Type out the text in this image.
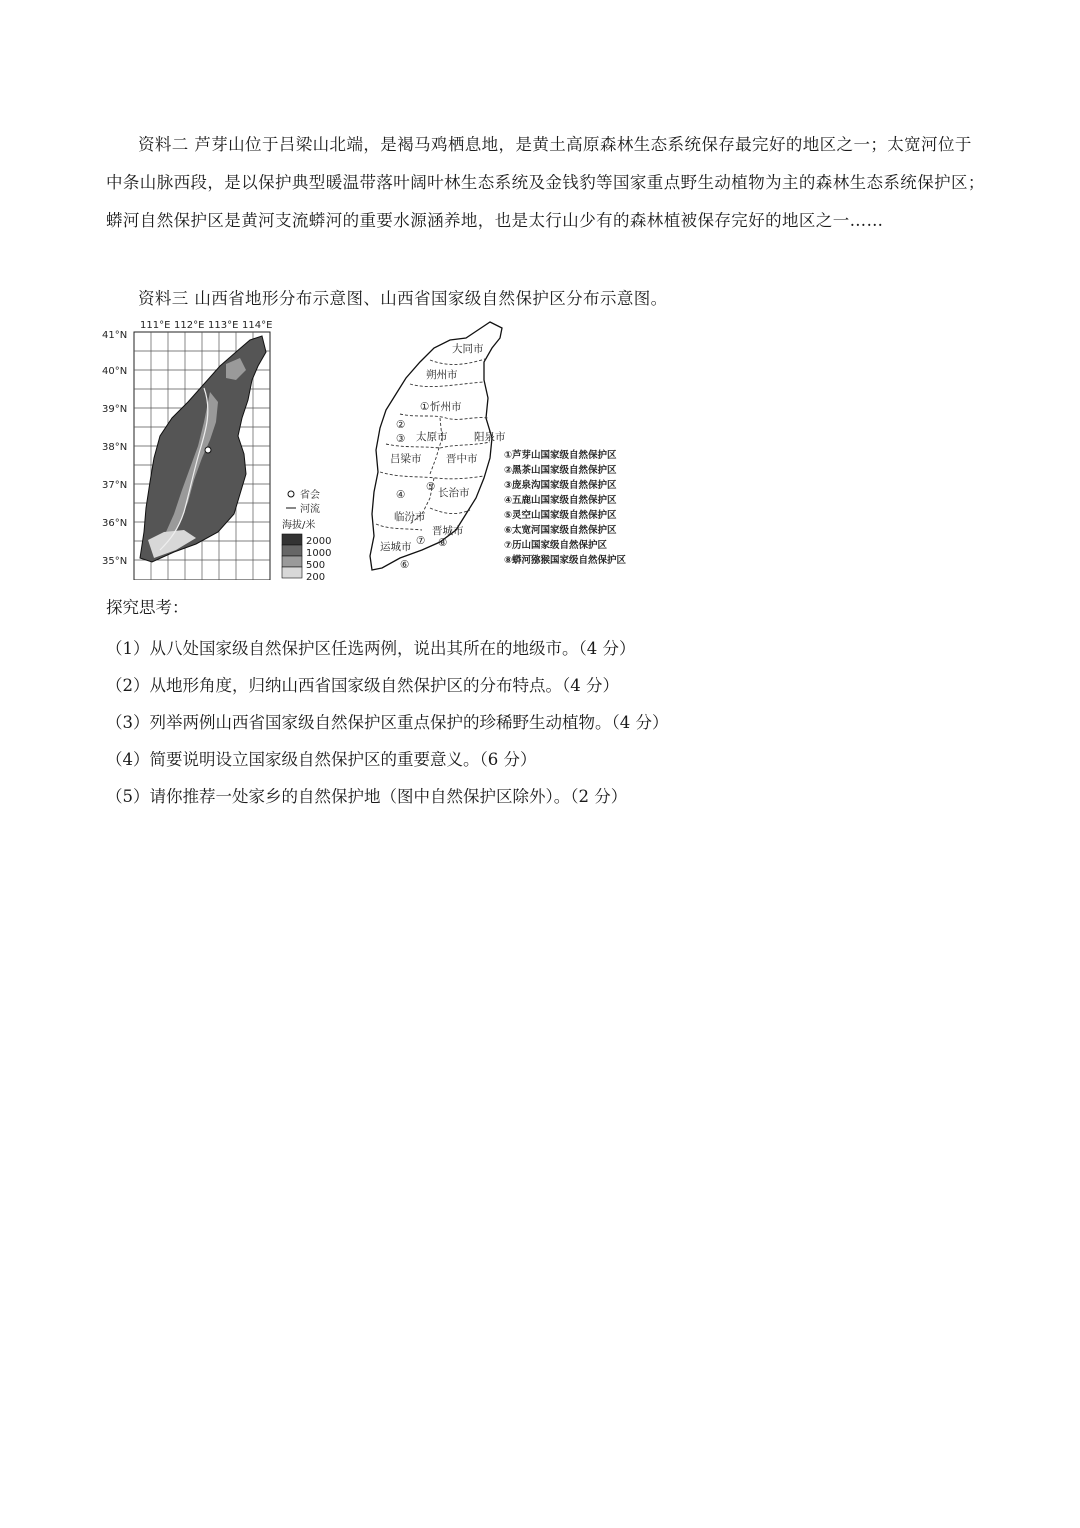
资料二 芦芽山位于吕梁山北端，是褐马鸡栖息地，是黄土高原森林生态系统保存最完好的地区之一；太宽河位于中条山脉西段，是以保护典型暖温带落叶阔叶林生态系统及金钱豹等国家重点野生动植物为主的森林生态系统保护区；蟒河自然保护区是黄河支流蟒河的重要水源涵养地，也是太行山少有的森林植被保存完好的地区之一……
资料三 山西省地形分布示意图、山西省国家级自然保护区分布示意图。
111°E 112°E 113°E 114°E
41°N
40°N
39°N
38°N
37°N
36°N
35°N
省会
河流
海拔/米
2000
1000
500
200
大同市
朔州市
忻州市
太原市	阳泉市
吕梁市 晋中市
长治市
临汾市
晋城市
运城市
①
②
③
④
⑤
⑥
⑦ ⑧
①芦芽山国家级自然保护区
②黑茶山国家级自然保护区
③庞泉沟国家级自然保护区
④五鹿山国家级自然保护区
⑤灵空山国家级自然保护区
⑥太宽河国家级自然保护区
⑦历山国家级自然保护区
⑧蟒河猕猴国家级自然保护区
探究思考：
（1）从八处国家级自然保护区任选两例，说出其所在的地级市。（4 分）
（2）从地形角度，归纳山西省国家级自然保护区的分布特点。（4 分）
（3）列举两例山西省国家级自然保护区重点保护的珍稀野生动植物。（4 分）
（4）简要说明设立国家级自然保护区的重要意义。（6 分）
（5）请你推荐一处家乡的自然保护地（图中自然保护区除外）。（2 分）
